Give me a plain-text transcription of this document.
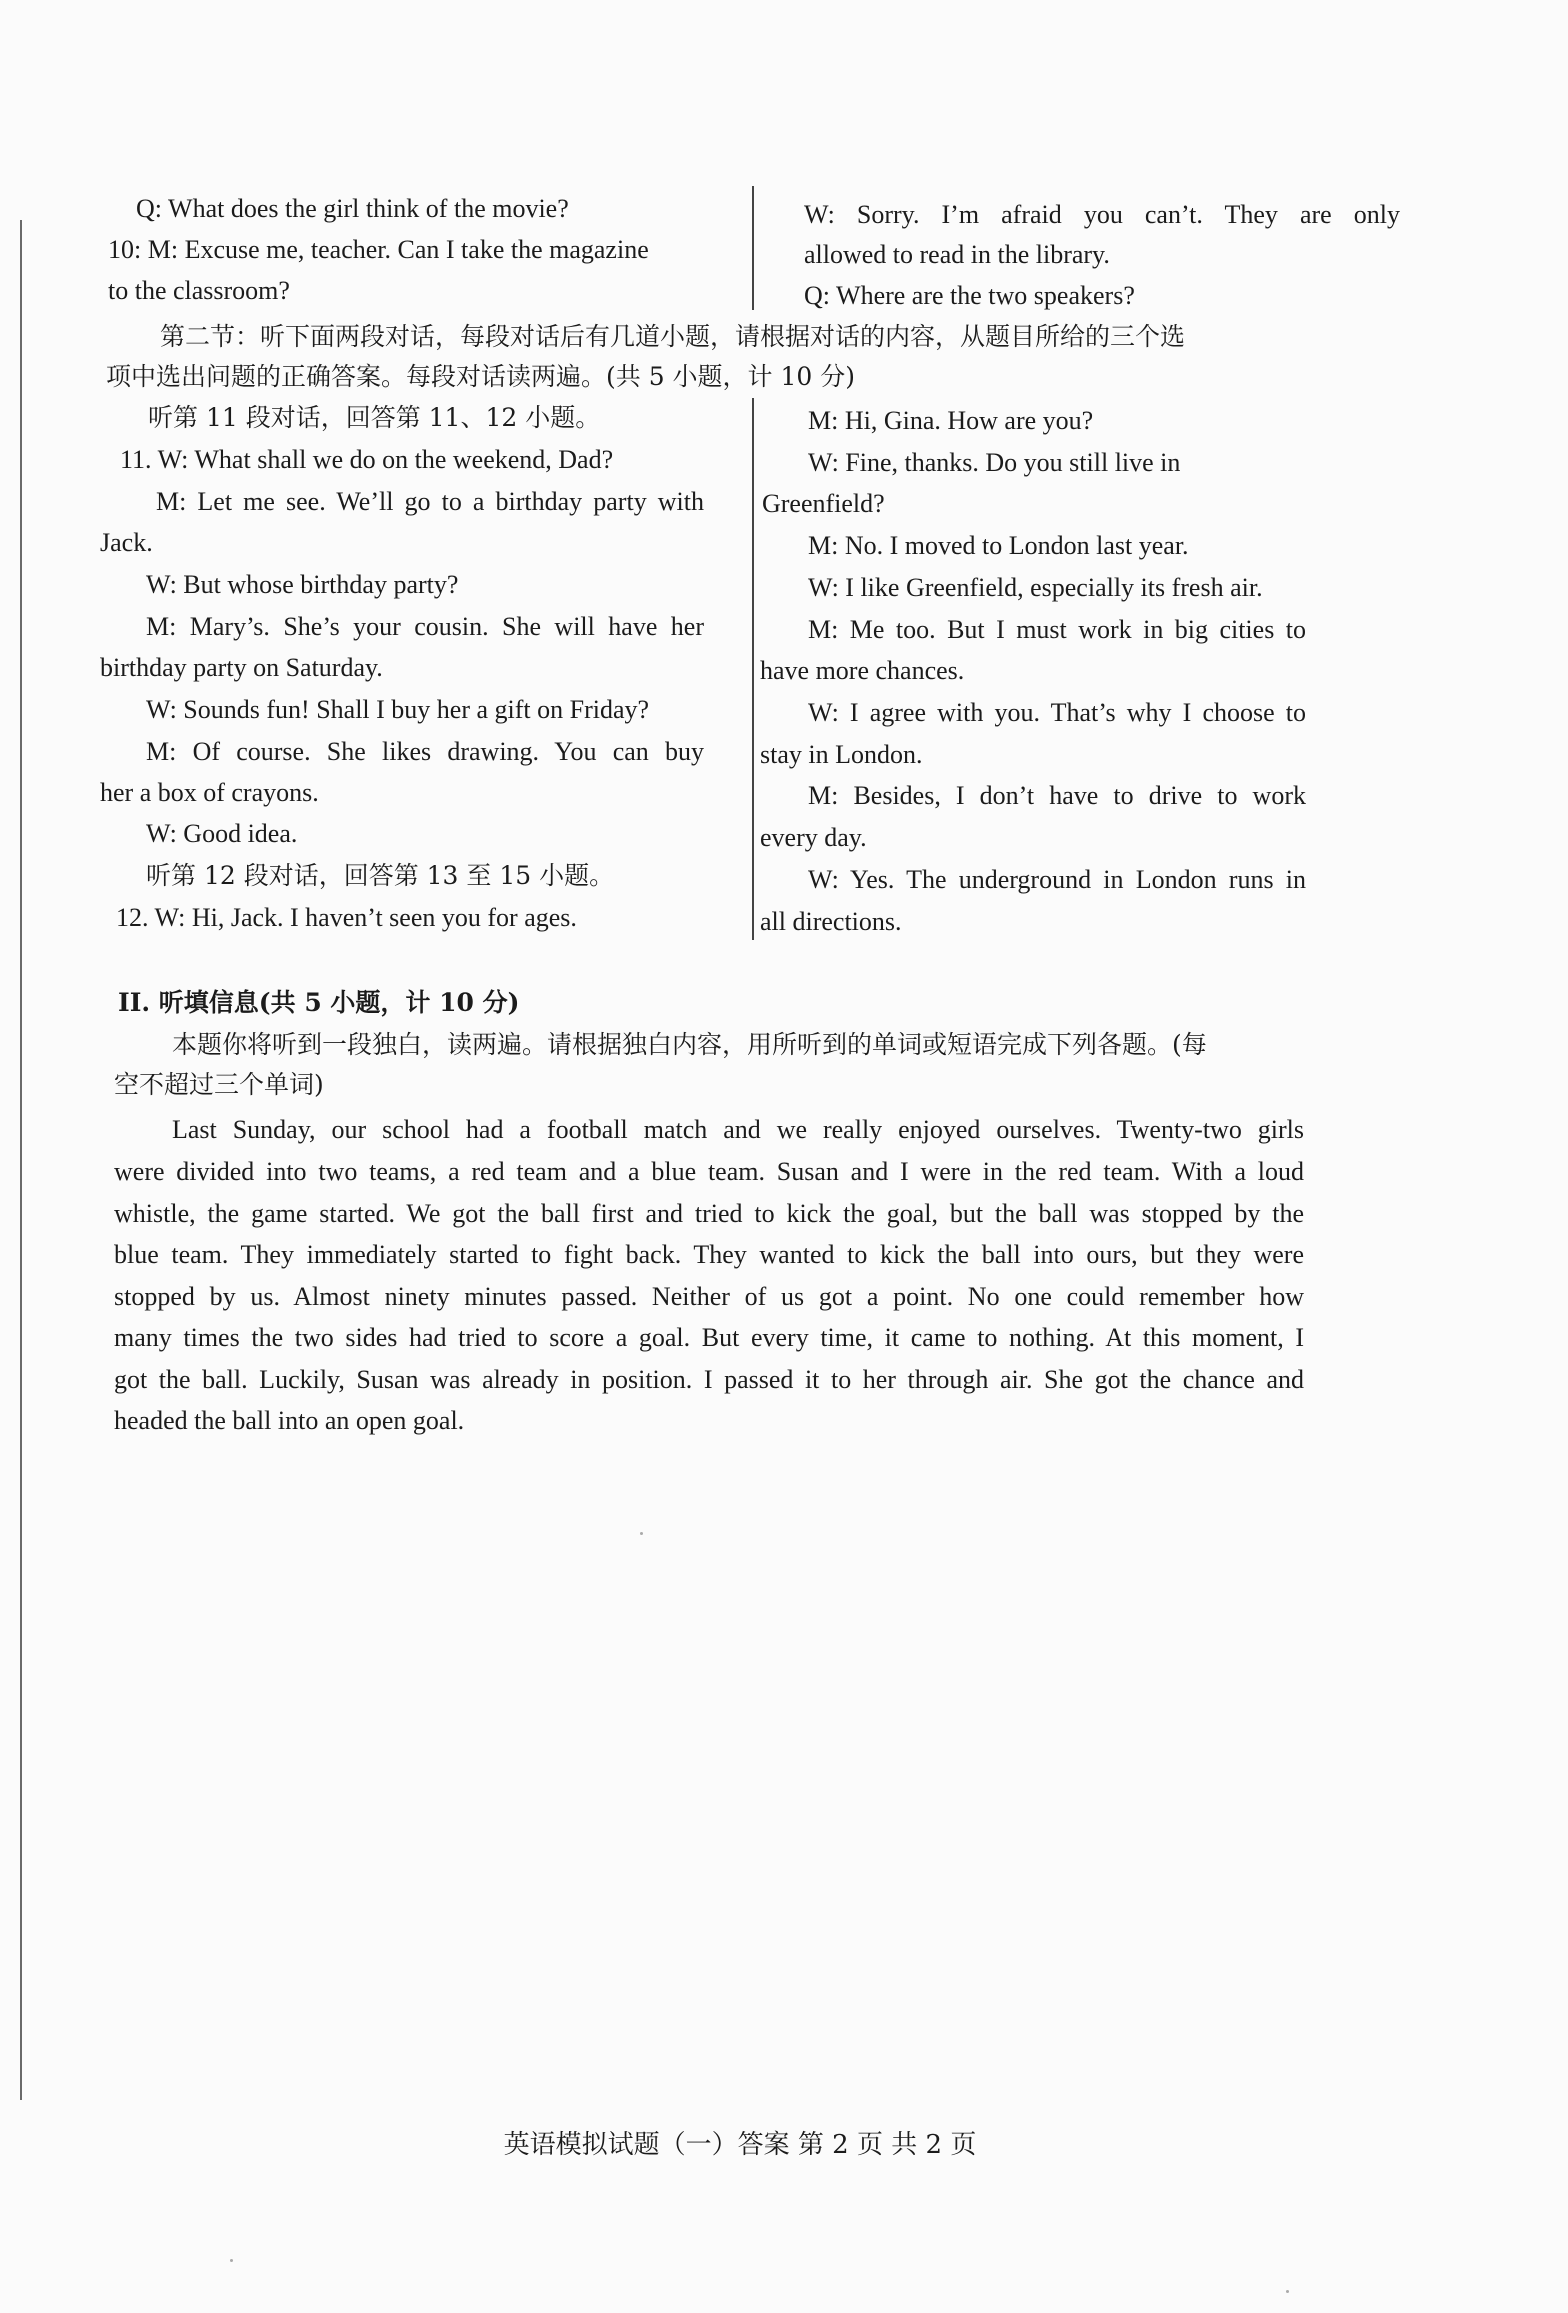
Q: What does the girl think of the movie?
10: M: Excuse me, teacher. Can I take the magazine
to the classroom?
W: Sorry. I’m afraid you can’t. They are only
allowed to read in the library.
Q: Where are the two speakers?
第二节：听下面两段对话，每段对话后有几道小题，请根据对话的内容，从题目所给的三个选
项中选出问题的正确答案。每段对话读两遍。(共 5 小题，计 10 分)
听第 11 段对话，回答第 11、12 小题。
11. W: What shall we do on the weekend, Dad?
M: Let me see. We’ll go to a birthday party with
Jack.
W: But whose birthday party?
M: Mary’s. She’s your cousin. She will have her
birthday party on Saturday.
W: Sounds fun! Shall I buy her a gift on Friday?
M: Of course. She likes drawing. You can buy
her a box of crayons.
W: Good idea.
听第 12 段对话，回答第 13 至 15 小题。
12. W: Hi, Jack. I haven’t seen you for ages.
M: Hi, Gina. How are you?
W: Fine, thanks. Do you still live in
Greenfield?
M: No. I moved to London last year.
W: I like Greenfield, especially its fresh air.
M: Me too. But I must work in big cities to
have more chances.
W: I agree with you. That’s why I choose to
stay in London.
M: Besides, I don’t have to drive to work
every day.
W: Yes. The underground in London runs in
all directions.
II. 听填信息(共 5 小题，计 10 分)
本题你将听到一段独白，读两遍。请根据独白内容，用所听到的单词或短语完成下列各题。(每
空不超过三个单词)
Last Sunday, our school had a football match and we really enjoyed ourselves. Twenty-two girls
were divided into two teams, a red team and a blue team. Susan and I were in the red team. With a loud
whistle, the game started. We got the ball first and tried to kick the goal, but the ball was stopped by the
blue team. They immediately started to fight back. They wanted to kick the ball into ours, but they were
stopped by us. Almost ninety minutes passed. Neither of us got a point. No one could remember how
many times the two sides had tried to score a goal. But every time, it came to nothing. At this moment, I
got the ball. Luckily, Susan was already in position. I passed it to her through air. She got the chance and
headed the ball into an open goal.
英语模拟试题（一）答案 第 2 页 共 2 页
